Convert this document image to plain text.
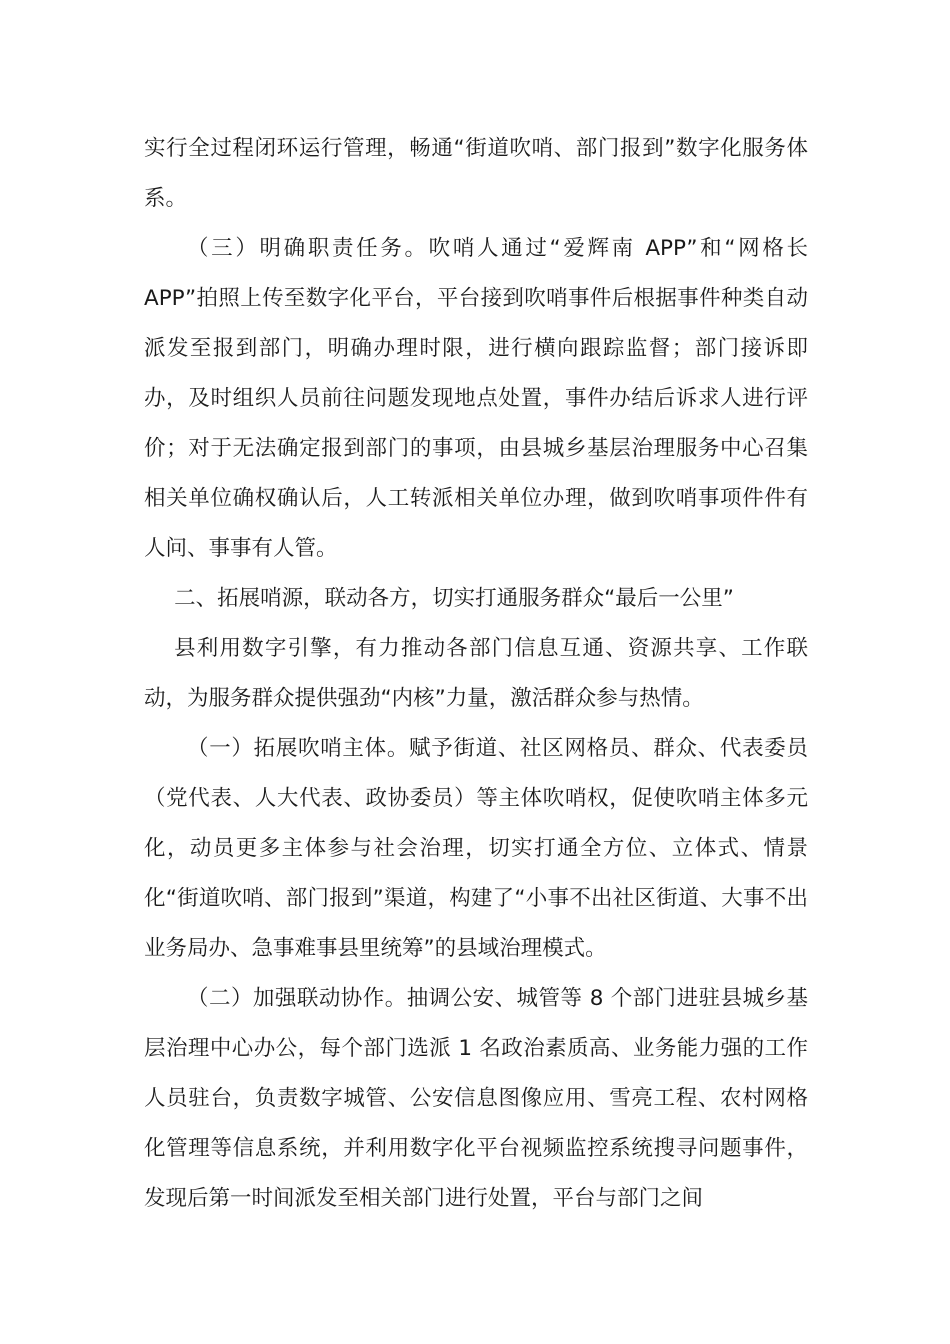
实行全过程闭环运行管理，畅通“街道吹哨、部门报到”数字化服务体系。

（三）明确职责任务。吹哨人通过“爱辉南 APP”和“网格长 APP”拍照上传至数字化平台，平台接到吹哨事件后根据事件种类自动派发至报到部门，明确办理时限，进行横向跟踪监督；部门接诉即办，及时组织人员前往问题发现地点处置，事件办结后诉求人进行评价；对于无法确定报到部门的事项，由县城乡基层治理服务中心召集相关单位确权确认后，人工转派相关单位办理，做到吹哨事项件件有人问、事事有人管。

二、拓展哨源，联动各方，切实打通服务群众“最后一公里”

县利用数字引擎，有力推动各部门信息互通、资源共享、工作联动，为服务群众提供强劲“内核”力量，激活群众参与热情。

（一）拓展吹哨主体。赋予街道、社区网格员、群众、代表委员（党代表、人大代表、政协委员）等主体吹哨权，促使吹哨主体多元化，动员更多主体参与社会治理，切实打通全方位、立体式、情景化“街道吹哨、部门报到”渠道，构建了“小事不出社区街道、大事不出业务局办、急事难事县里统筹”的县域治理模式。

（二）加强联动协作。抽调公安、城管等 8 个部门进驻县城乡基层治理中心办公，每个部门选派 1 名政治素质高、业务能力强的工作人员驻台，负责数字城管、公安信息图像应用、雪亮工程、农村网格化管理等信息系统，并利用数字化平台视频监控系统搜寻问题事件，发现后第一时间派发至相关部门进行处置，平台与部门之间
